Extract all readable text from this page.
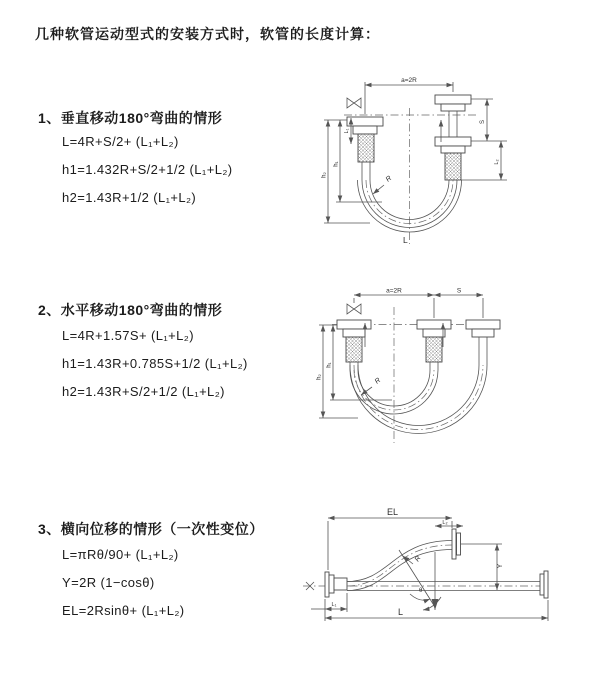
几种软管运动型式的安装方式时，软管的长度计算：
1、垂直移动180°弯曲的情形
L=4R+S/2+ (L₁+L₂)
h1=1.432R+S/2+1/2 (L₁+L₂)
h2=1.43R+1/2 (L₁+L₂)
2、水平移动180°弯曲的情形
L=4R+1.57S+ (L₁+L₂)
h1=1.43R+0.785S+1/2 (L₁+L₂)
h2=1.43R+S/2+1/2 (L₁+L₂)
3、横向位移的情形（一次性变位）
L=πRθ/90+ (L₁+L₂)
Y=2R (1−cosθ)
EL=2Rsinθ+ (L₁+L₂)
a=2R
L₁
S
L₂
h₁
h₂	R
L
a=2R	S
h₁
h₂	R
EL
L₂
Y
R
θ
L
L₁
